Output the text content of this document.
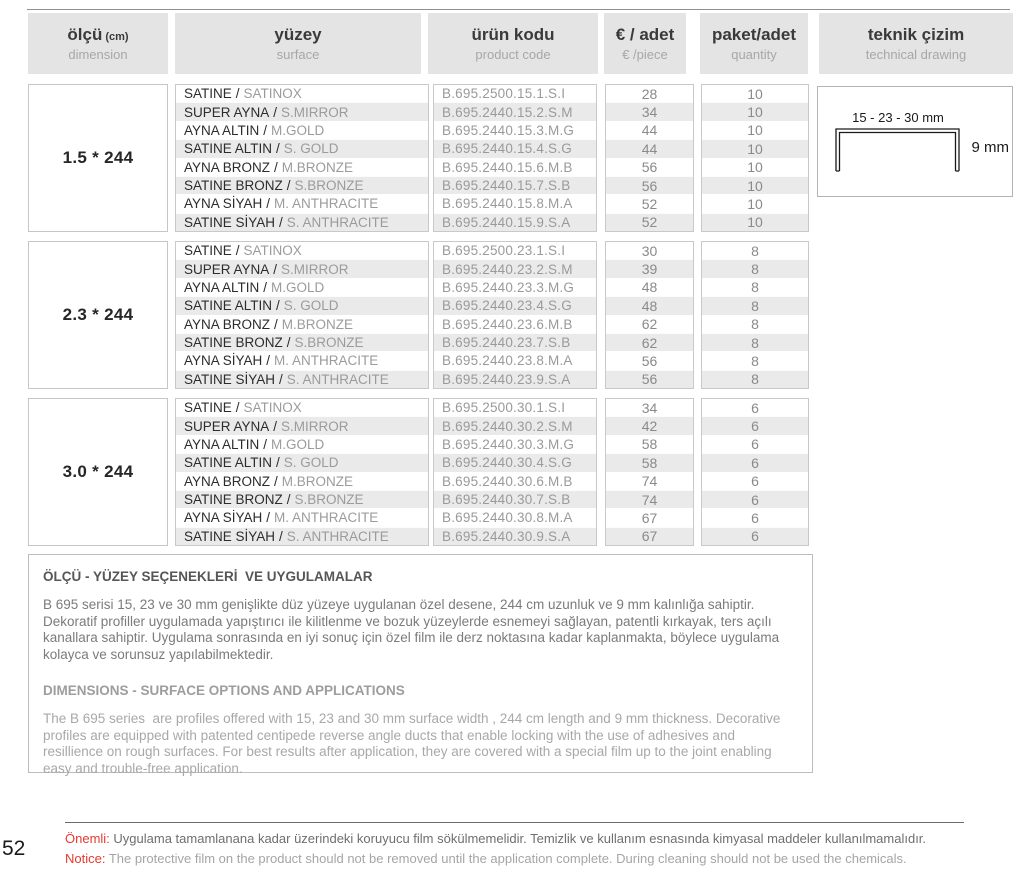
ölçü (cm)
dimension
yüzey
surface
ürün kodu
product code
€ / adet
€ /piece
paket/adet
quantity
teknik çizim
technical drawing
1.5 * 244
SATINE / SATINOX
SUPER AYNA / S.MIRROR
AYNA ALTIN / M.GOLD
SATINE ALTIN / S. GOLD
AYNA BRONZ / M.BRONZE
SATINE BRONZ / S.BRONZE
AYNA SİYAH / M. ANTHRACITE
SATINE SİYAH / S. ANTHRACITE
B.695.2500.15.1.S.I
B.695.2440.15.2.S.M
B.695.2440.15.3.M.G
B.695.2440.15.4.S.G
B.695.2440.15.6.M.B
B.695.2440.15.7.S.B
B.695.2440.15.8.M.A
B.695.2440.15.9.S.A
28
34
44
44
56
56
52
52
10
10
10
10
10
10
10
10
2.3 * 244
SATINE / SATINOX
SUPER AYNA / S.MIRROR
AYNA ALTIN / M.GOLD
SATINE ALTIN / S. GOLD
AYNA BRONZ / M.BRONZE
SATINE BRONZ / S.BRONZE
AYNA SİYAH / M. ANTHRACITE
SATINE SİYAH / S. ANTHRACITE
B.695.2500.23.1.S.I
B.695.2440.23.2.S.M
B.695.2440.23.3.M.G
B.695.2440.23.4.S.G
B.695.2440.23.6.M.B
B.695.2440.23.7.S.B
B.695.2440.23.8.M.A
B.695.2440.23.9.S.A
30
39
48
48
62
62
56
56
8
8
8
8
8
8
8
8
3.0 * 244
SATINE / SATINOX
SUPER AYNA / S.MIRROR
AYNA ALTIN / M.GOLD
SATINE ALTIN / S. GOLD
AYNA BRONZ / M.BRONZE
SATINE BRONZ / S.BRONZE
AYNA SİYAH / M. ANTHRACITE
SATINE SİYAH / S. ANTHRACITE
B.695.2500.30.1.S.I
B.695.2440.30.2.S.M
B.695.2440.30.3.M.G
B.695.2440.30.4.S.G
B.695.2440.30.6.M.B
B.695.2440.30.7.S.B
B.695.2440.30.8.M.A
B.695.2440.30.9.S.A
34
42
58
58
74
74
67
67
6
6
6
6
6
6
6
6
15 - 23 - 30 mm
9 mm
ÖLÇÜ - YÜZEY SEÇENEKLERİ  VE UYGULAMALAR
B 695 serisi 15, 23 ve 30 mm genişlikte düz yüzeye uygulanan özel desene, 244 cm uzunluk ve 9 mm kalınlığa sahiptir. Dekoratif profiller uygulamada yapıştırıcı ile kilitlenme ve bozuk yüzeylerde esnemeyi sağlayan, patentli kırkayak, ters açılı kanallara sahiptir. Uygulama sonrasında en iyi sonuç için özel film ile derz noktasına kadar kaplanmakta, böylece uygulama kolayca ve sorunsuz yapılabilmektedir.
DIMENSIONS - SURFACE OPTIONS AND APPLICATIONS
The B 695 series  are profiles offered with 15, 23 and 30 mm surface width , 244 cm length and 9 mm thickness. Decorative profiles are equipped with patented centipede reverse angle ducts that enable locking with the use of adhesives and resillience on rough surfaces. For best results after application, they are covered with a special film up to the joint enabling easy and trouble-free application.
Önemli: Uygulama tamamlanana kadar üzerindeki koruyucu film sökülmemelidir. Temizlik ve kullanım esnasında kimyasal maddeler kullanılmamalıdır.
Notice: The protective film on the product should not be removed until the application complete. During cleaning should not be used the chemicals.
52
